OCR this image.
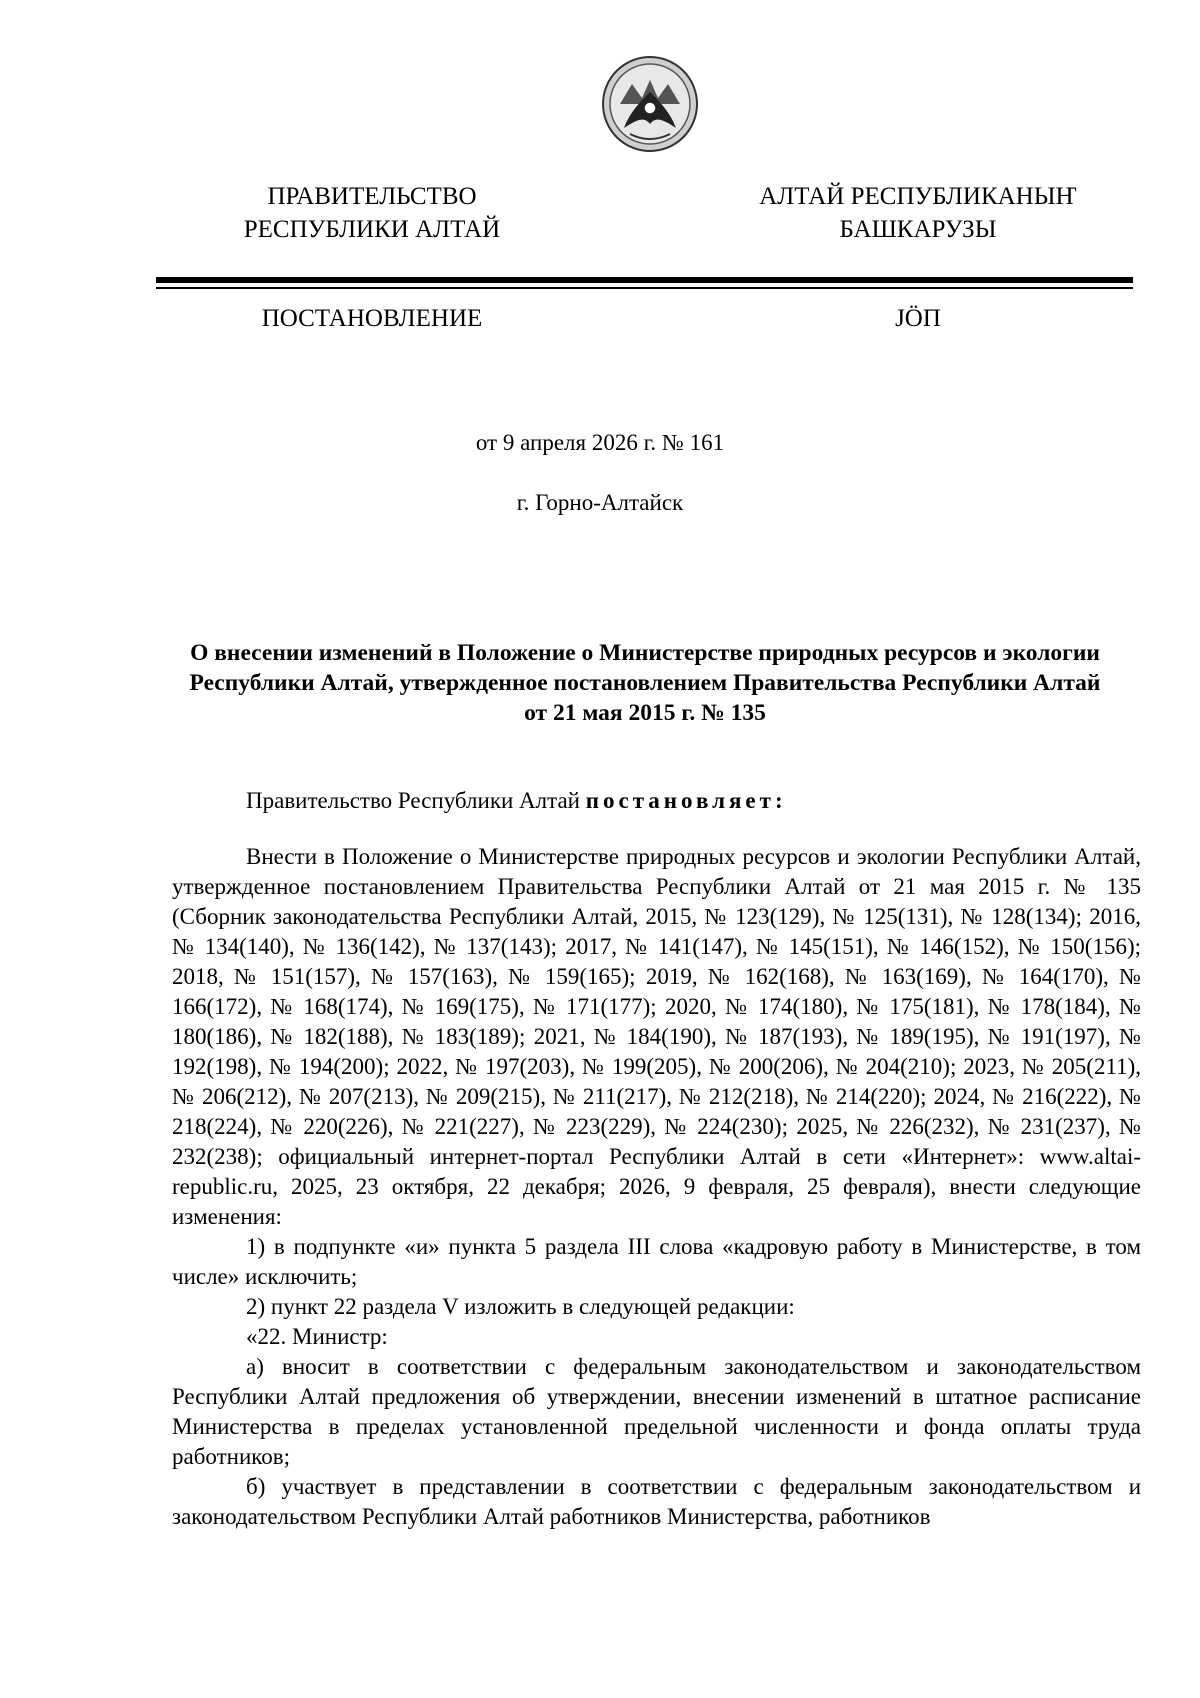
ПРАВИТЕЛЬСТВО
РЕСПУБЛИКИ АЛТАЙ
АЛТАЙ РЕСПУБЛИКАНЫҤ
БАШКАРУЗЫ
ПОСТАНОВЛЕНИЕ	ЈÖП
от 9 апреля 2026 г. № 161
г. Горно-Алтайск
О внесении изменений в Положение о Министерстве природных ресурсов и экологии
Республики Алтай, утвержденное постановлением Правительства Республики Алтай
от 21 мая 2015 г. № 135
Правительство Республики Алтай постановляет:

Внести в Положение о Министерстве природных ресурсов и экологии Республики Алтай, утвержденное постановлением Правительства Республики Алтай от 21 мая 2015 г. № 135 (Сборник законодательства Республики Алтай, 2015, № 123(129), № 125(131), № 128(134); 2016, № 134(140), № 136(142), № 137(143); 2017, № 141(147), № 145(151), № 146(152), № 150(156); 2018, № 151(157), № 157(163), № 159(165); 2019, № 162(168), № 163(169), № 164(170), № 166(172), № 168(174), № 169(175), № 171(177); 2020, № 174(180), № 175(181), № 178(184), № 180(186), № 182(188), № 183(189); 2021, № 184(190), № 187(193), № 189(195), № 191(197), № 192(198), № 194(200); 2022, № 197(203), № 199(205), № 200(206), № 204(210); 2023, № 205(211), № 206(212), № 207(213), № 209(215), № 211(217), № 212(218), № 214(220); 2024, № 216(222), № 218(224), № 220(226), № 221(227), № 223(229), № 224(230); 2025, № 226(232), № 231(237), № 232(238); официальный интернет-портал Республики Алтай в сети «Интернет»: www.altai-republic.ru, 2025, 23 октября, 22 декабря; 2026, 9 февраля, 25 февраля), внести следующие изменения:

1) в подпункте «и» пункта 5 раздела III слова «кадровую работу в Министерстве, в том числе» исключить;

2) пункт 22 раздела V изложить в следующей редакции:

«22. Министр:

а) вносит в соответствии с федеральным законодательством и законодательством Республики Алтай предложения об утверждении, внесении изменений в штатное расписание Министерства в пределах установленной предельной численности и фонда оплаты труда работников;

б) участвует в представлении в соответствии с федеральным законодательством и законодательством Республики Алтай работников Министерства, работников
